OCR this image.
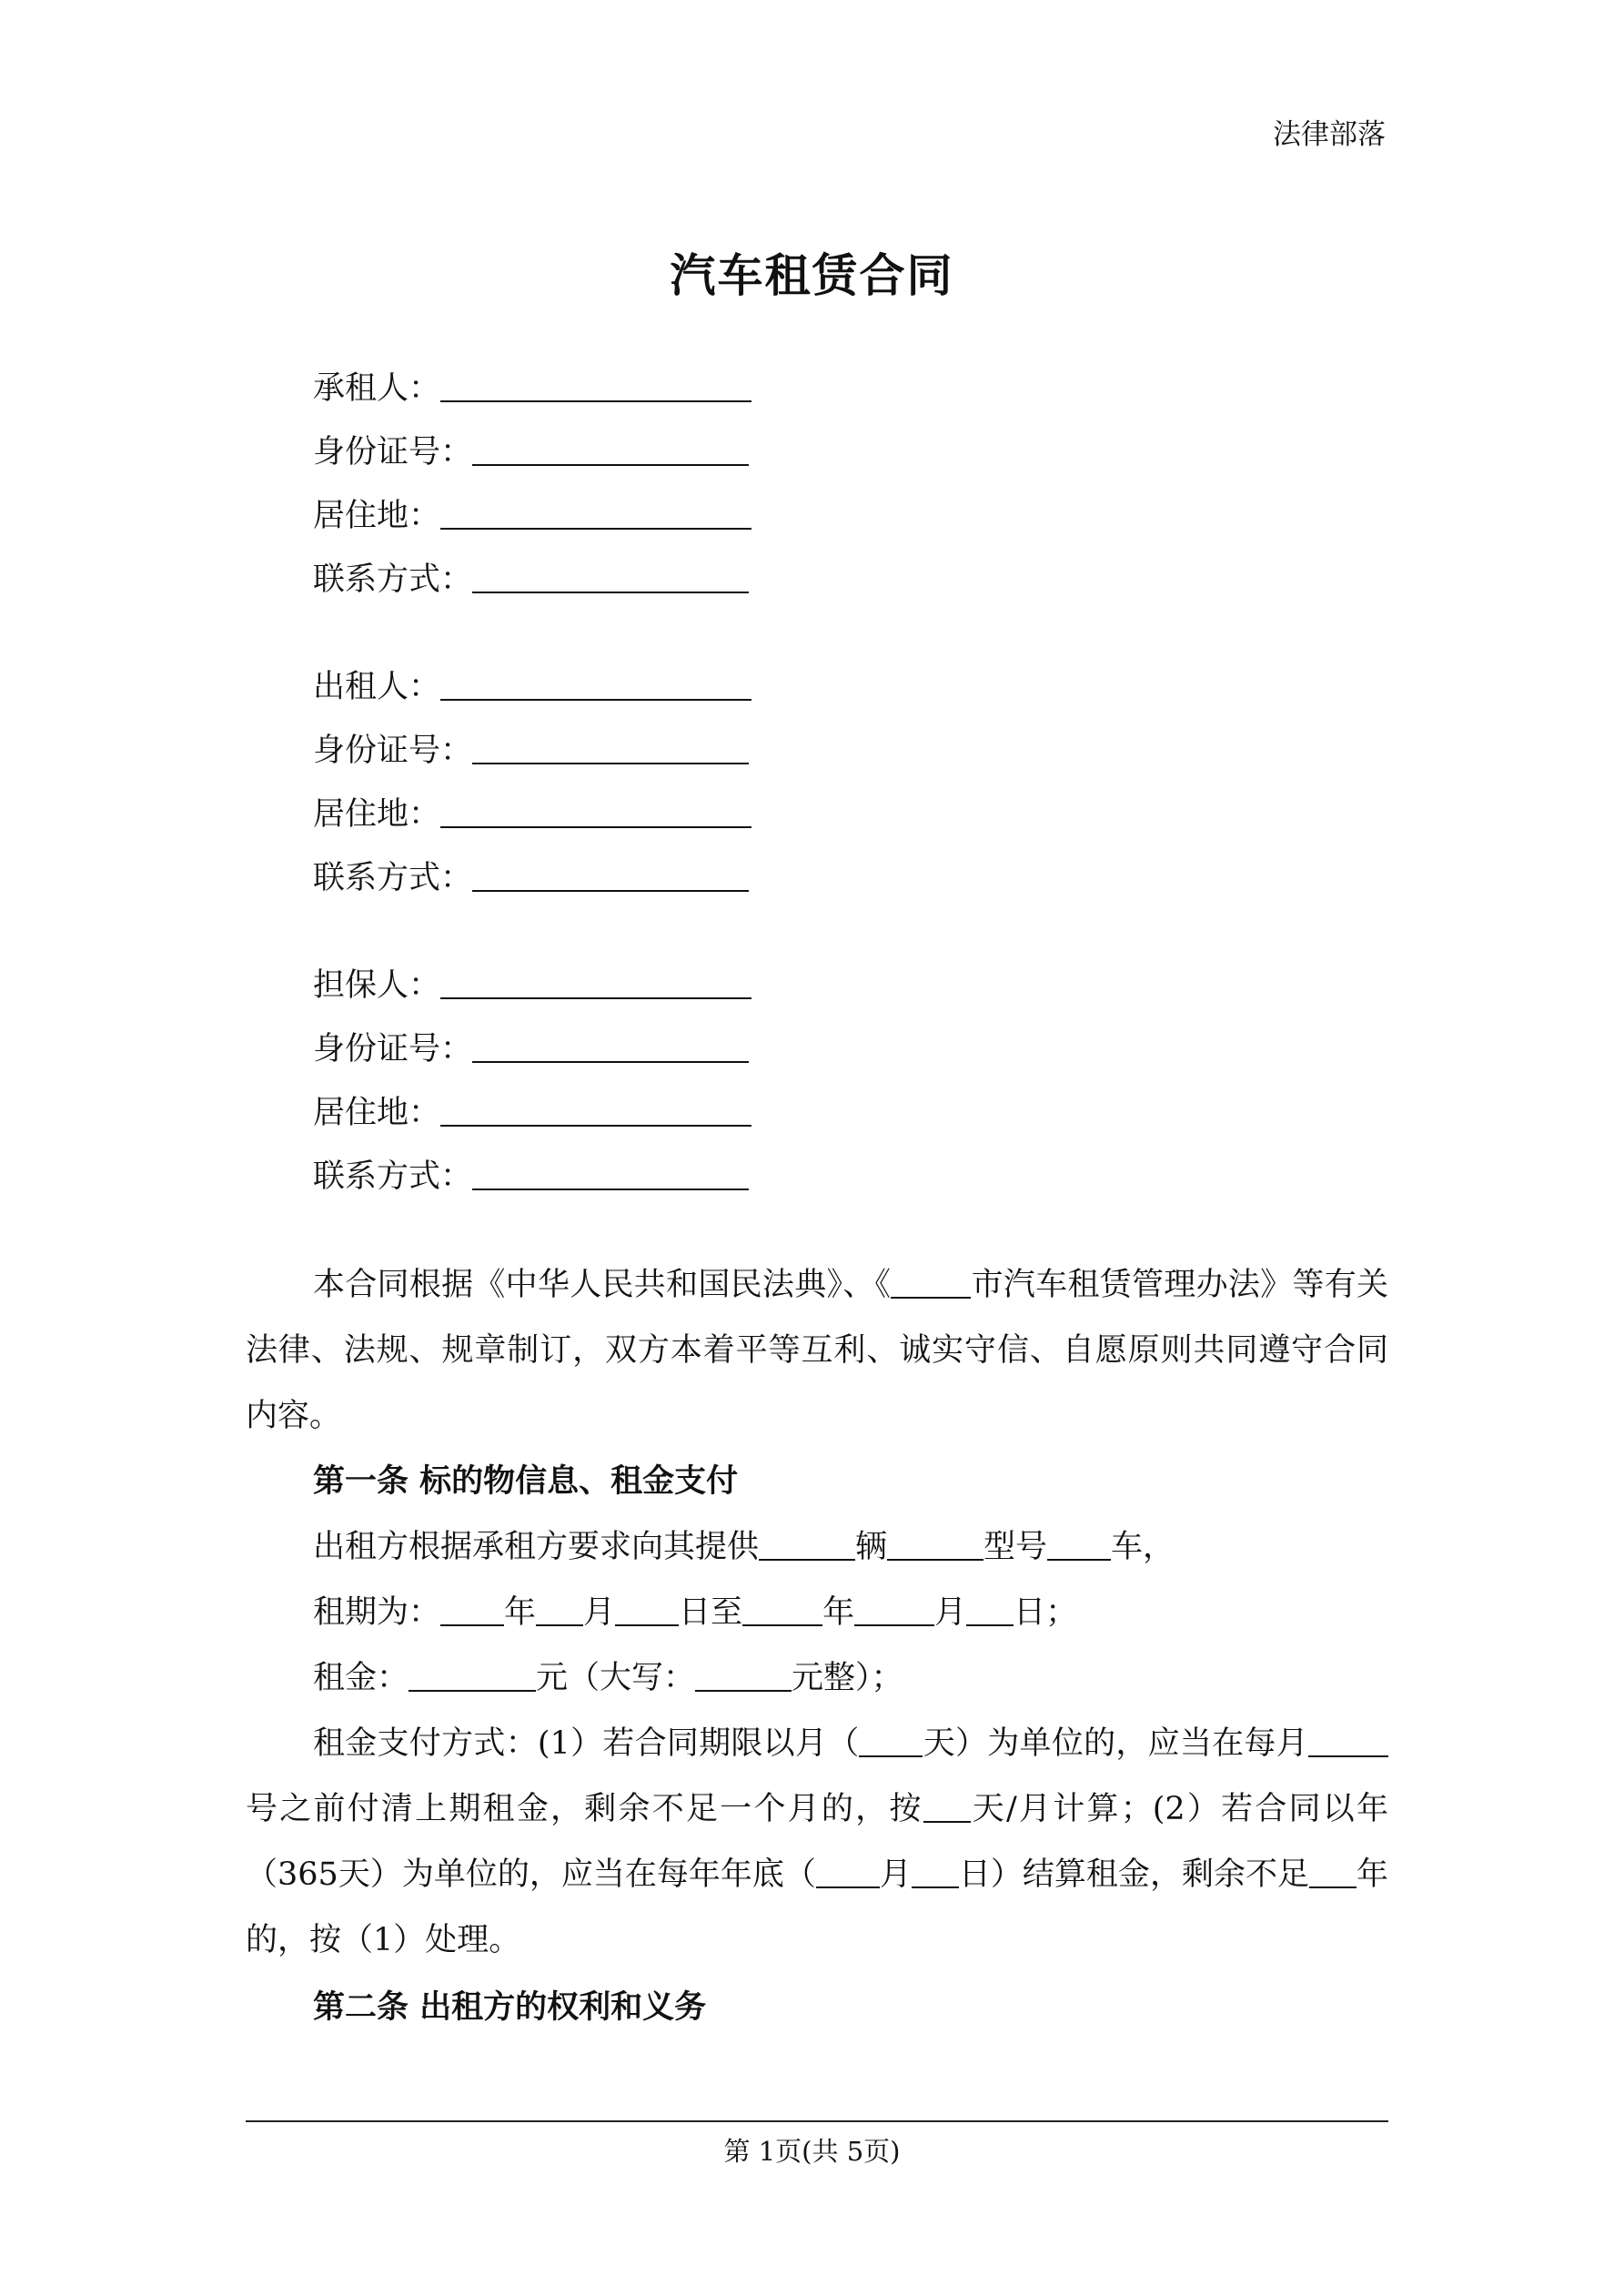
法律部落
汽车租赁合同
承租人：
身份证号：
居住地：
联系方式：
出租人：
身份证号：
居住地：
联系方式：
担保人：
身份证号：
居住地：
联系方式：
本合同根据《中华人民共和国民法典》、《	市汽车租赁管理办法》等有关法律、法规、规章制订，双方本着平等互利、诚实守信、自愿原则共同遵守合同内容。
第一条 标的物信息、租金支付
出租方根据承租方要求向其提供	辆	型号 车，
租期为： 年 月 日至	年	月 日；
租金：	元（大写：	元整）；
租金支付方式：(1）若合同期限以月（ 天）为单位的，应当在每月号之前付清上期租金，剩余不足一个月的，按 天/月计算；(2）若合同以年（365天）为单位的，应当在每年年底（ 月 日）结算租金，剩余不足 年的，按（1）处理。
第二条 出租方的权利和义务
第 1页(共 5页)
